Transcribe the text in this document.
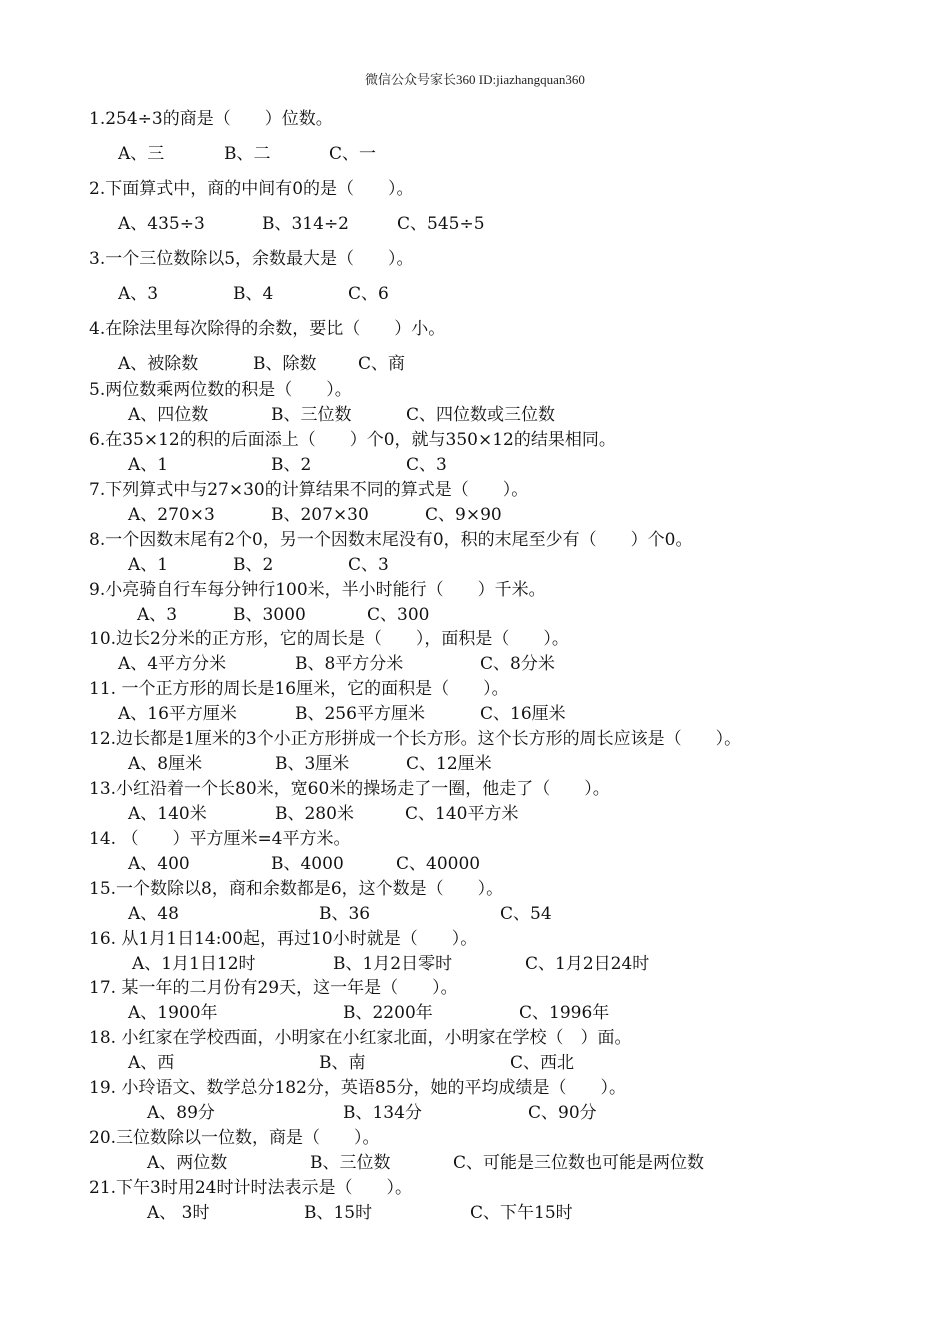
微信公众号家长360 ID:jiazhangquan360
1.254÷3的商是（　　）位数。

A、三

	B、二

	C、一

2.下面算式中，商的中间有0的是（　　）。

A、435÷3

	B、314÷2

	C、545÷5

3.一个三位数除以5，余数最大是（　　）。

A、3

	B、4

	C、6

4.在除法里每次除得的余数，要比（　　）小。

A、被除数

	B、除数

C、商

5.两位数乘两位数的积是（　　）。

A、四位数

	B、三位数

	C、四位数或三位数

6.在35×12的积的后面添上（　　）个0，就与350×12的结果相同。

A、1

	B、2

	C、3

7.下列算式中与27×30的计算结果不同的算式是（　　）。

A、270×3

	B、207×30

	C、9×90

8.一个因数末尾有2个0，另一个因数末尾没有0，积的末尾至少有（　　）个0。

A、1

	B、2

	C、3

9.小亮骑自行车每分钟行100米，半小时能行（　　）千米。

A、3

	B、3000

	C、300

10.边长2分米的正方形，它的周长是（　　），面积是（　　）。

A、4平方分米

	B、8平方分米

	C、8分米

11. 一个正方形的周长是16厘米，它的面积是（　　）。

A、16平方厘米

	B、256平方厘米

	C、16厘米

12.边长都是1厘米的3个小正方形拼成一个长方形。这个长方形的周长应该是（　　）。

A、8厘米

	B、3厘米

	C、12厘米

13.小红沿着一个长80米，宽60米的操场走了一圈，他走了（　　）。

A、140米

	B、280米

	C、140平方米

14. （　　）平方厘米=4平方米。

A、400

	B、4000

	C、40000

15.一个数除以8，商和余数都是6，这个数是（　　）。

A、48

	B、36

	C、54

16. 从1月1日14:00起，再过10小时就是（　　）。

A、1月1日12时

	B、1月2日零时

	C、1月2日24时

17. 某一年的二月份有29天，这一年是（　　）。

A、1900年

	B、2200年

	C、1996年

18. 小红家在学校西面，小明家在小红家北面，小明家在学校（　）面。

A、西

	B、南

	C、西北

19. 小玲语文、数学总分182分，英语85分，她的平均成绩是（　　）。

A、89分

	B、134分

	C、90分

20.三位数除以一位数，商是（　　）。

A、两位数

	B、三位数

	C、可能是三位数也可能是两位数

21.下午3时用24时计时法表示是（　　）。

A、 3时

	B、15时

	C、下午15时
